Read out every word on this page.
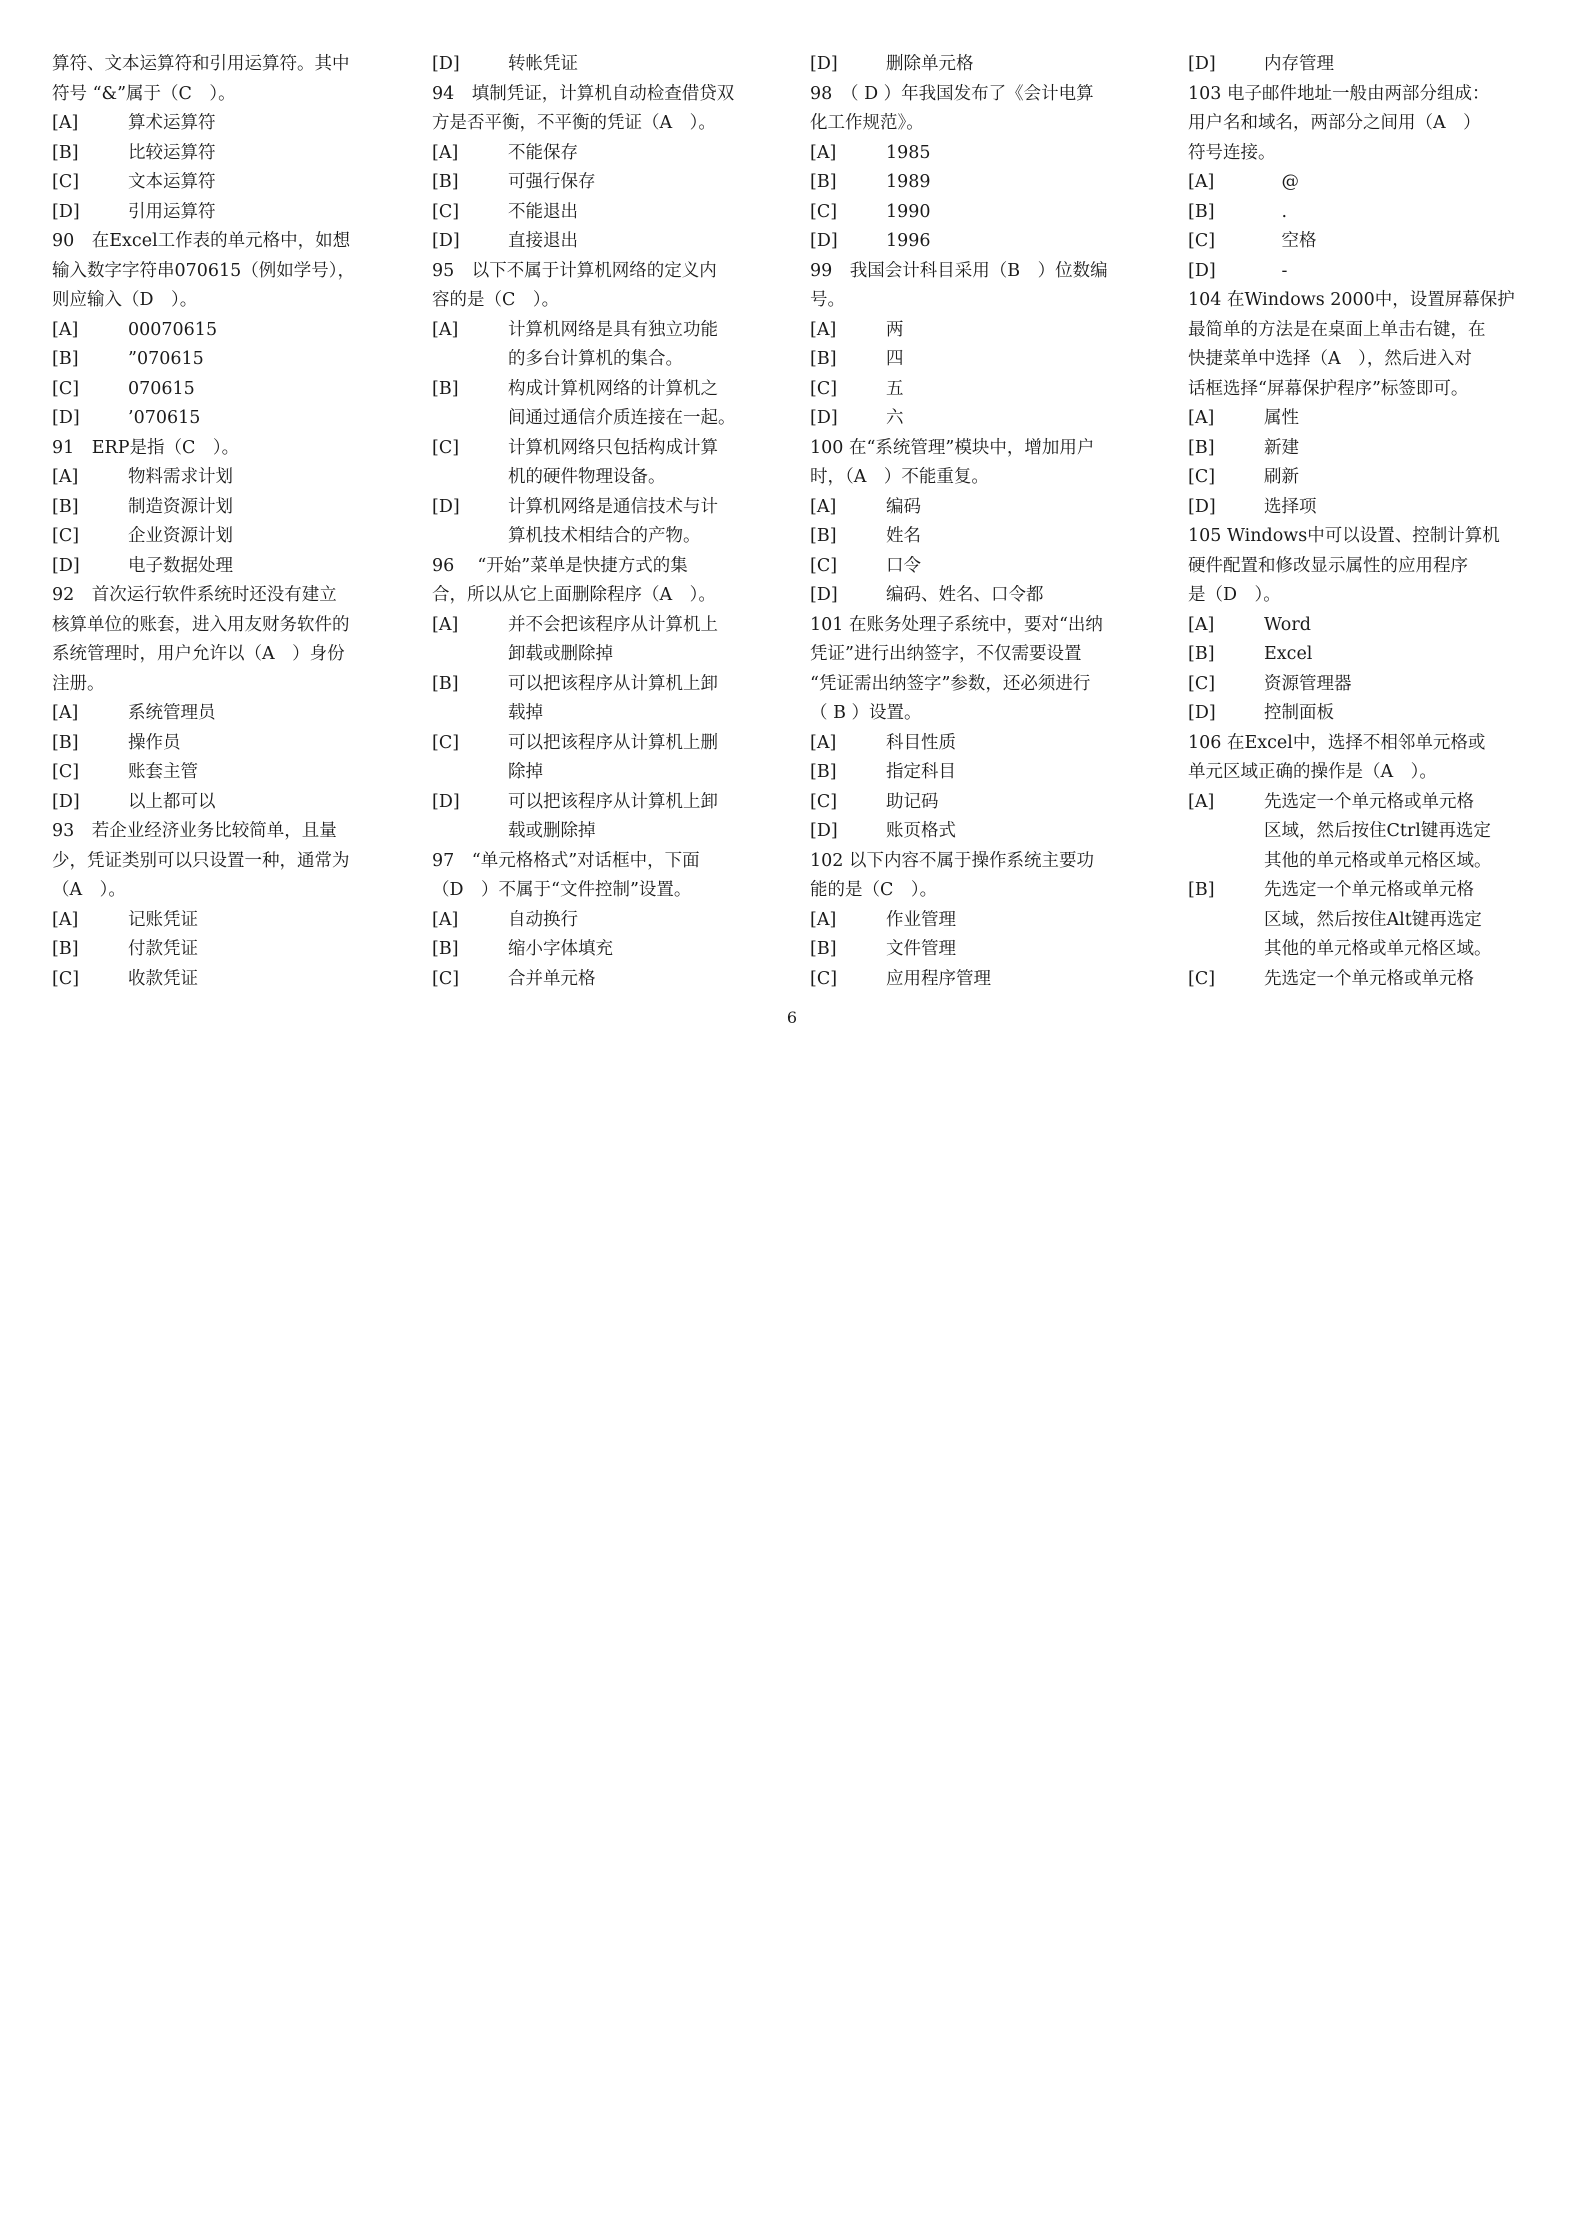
算符、文本运算符和引用运算符。其中
符号 “&”属于（C　）。
[A]	算术运算符
[B]	比较运算符
[C]	文本运算符
[D]	引用运算符
90　在Excel工作表的单元格中，如想
输入数字字符串070615（例如学号），
则应输入（D　）。
[A]	00070615
[B]	”070615
[C]	070615
[D]	’070615
91　ERP是指（C　）。
[A]	物料需求计划
[B]	制造资源计划
[C]	企业资源计划
[D]	电子数据处理
92　首次运行软件系统时还没有建立
核算单位的账套，进入用友财务软件的
系统管理时，用户允许以（A　）身份
注册。
[A]	系统管理员
[B]	操作员
[C]	账套主管
[D]	以上都可以
93　若企业经济业务比较简单，且量
少，凭证类别可以只设置一种，通常为
（A　）。
[A]	记账凭证
[B]	付款凭证
[C]	收款凭证
[D]	转帐凭证
94　填制凭证，计算机自动检查借贷双
方是否平衡，不平衡的凭证（A　）。
[A]	不能保存
[B]	可强行保存
[C]	不能退出
[D]	直接退出
95　以下不属于计算机网络的定义内
容的是（C　）。
[A]	计算机网络是具有独立功能
的多台计算机的集合。
[B]	构成计算机网络的计算机之
间通过通信介质连接在一起。
[C]	计算机网络只包括构成计算
机的硬件物理设备。
[D]	计算机网络是通信技术与计
算机技术相结合的产物。
96　 “开始”菜单是快捷方式的集
合，所以从它上面删除程序（A　）。
[A]	并不会把该程序从计算机上
卸载或删除掉
[B]	可以把该程序从计算机上卸
载掉
[C]	可以把该程序从计算机上删
除掉
[D]	可以把该程序从计算机上卸
载或删除掉
97　“单元格格式”对话框中，下面
（D　）不属于“文件控制”设置。
[A]	自动换行
[B]	缩小字体填充
[C]	合并单元格
[D]	删除单元格
98　（ D ）年我国发布了《会计电算
化工作规范》。
[A]	1985
[B]	1989
[C]	1990
[D]	1996
99　我国会计科目采用（B　）位数编
号。
[A]	两
[B]	四
[C]	五
[D]	六
100 在“系统管理”模块中，增加用户
时，（A　）不能重复。
[A]	编码
[B]	姓名
[C]	口令
[D]	编码、姓名、口令都
101 在账务处理子系统中，要对“出纳
凭证”进行出纳签字，不仅需要设置
“凭证需出纳签字”参数，还必须进行
（ B ）设置。
[A]	科目性质
[B]	指定科目
[C]	助记码
[D]	账页格式
102 以下内容不属于操作系统主要功
能的是（C　）。
[A]	作业管理
[B]	文件管理
[C]	应用程序管理
[D]	内存管理
103 电子邮件地址一般由两部分组成：
用户名和域名，两部分之间用（A　）
符号连接。
[A]	　@
[B]	　.
[C]	　空格
[D]	　-
104 在Windows 2000中，设置屏幕保护
最简单的方法是在桌面上单击右键，在
快捷菜单中选择（A　），然后进入对
话框选择“屏幕保护程序”标签即可。
[A]	属性
[B]	新建
[C]	刷新
[D]	选择项
105 Windows中可以设置、控制计算机
硬件配置和修改显示属性的应用程序
是（D　）。
[A]	Word
[B]	Excel
[C]	资源管理器
[D]	控制面板
106 在Excel中，选择不相邻单元格或
单元区域正确的操作是（A　）。
[A]	先选定一个单元格或单元格
区域，然后按住Ctrl键再选定
其他的单元格或单元格区域。
[B]	先选定一个单元格或单元格
区域，然后按住Alt键再选定
其他的单元格或单元格区域。
[C]	先选定一个单元格或单元格
6
